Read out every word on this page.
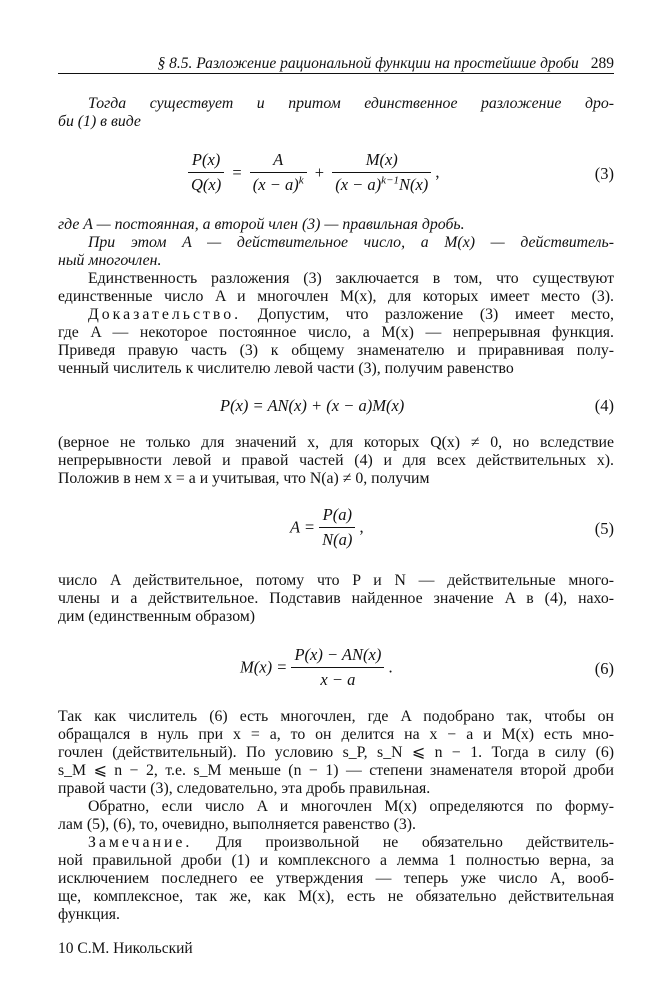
§ 8.5. Разложение рациональной функции на простейшие дроби 289
Тогда существует и притом единственное разложение дро-
би (1) в виде
$\frac{P(x)}{Q(x)} = \frac{A}{(x - a)^k} + \frac{M(x)}{(x - a)^{k-1}N(x)}$ ,	(3)
где A — постоянная, а второй член (3) — правильная дробь.
При этом A — действительное число, а M(x) — действитель-
ный многочлен.
Единственность разложения (3) заключается в том, что существуют
единственные число A и многочлен M(x), для которых имеет место (3).
Доказательство. Допустим, что разложение (3) имеет место,
где A — некоторое постоянное число, а M(x) — непрерывная функция.
Приведя правую часть (3) к общему знаменателю и приравнивая полу-
ченный числитель к числителю левой части (3), получим равенство
P(x) = AN(x) + (x − a)M(x)	(4)
(верное не только для значений x, для которых Q(x) ≠ 0, но вследствие
непрерывности левой и правой частей (4) и для всех действительных x).
Положив в нем x = a и учитывая, что N(a) ≠ 0, получим
$A = \frac{P(a)}{N(a)}$ ,	(5)
число A действительное, потому что P и N — действительные много-
члены и a действительное. Подставив найденное значение A в (4), нахо-
дим (единственным образом)
$M(x) = \frac{P(x) - AN(x)}{x - a}$ .	(6)
Так как числитель (6) есть многочлен, где A подобрано так, чтобы он
обращался в нуль при x = a, то он делится на x − a и M(x) есть мно-
гочлен (действительный). По условию s_P, s_N ⩽ n − 1. Тогда в силу (6)
s_M ⩽ n − 2, т.е. s_M меньше (n − 1) — степени знаменателя второй дроби
правой части (3), следовательно, эта дробь правильная.
Обратно, если число A и многочлен M(x) определяются по форму-
лам (5), (6), то, очевидно, выполняется равенство (3).
Замечание. Для произвольной не обязательно действитель-
ной правильной дроби (1) и комплексного a лемма 1 полностью верна, за
исключением последнего ее утверждения — теперь уже число A, вооб-
ще, комплексное, так же, как M(x), есть не обязательно действительная
функция.
10 С.М. Никольский
